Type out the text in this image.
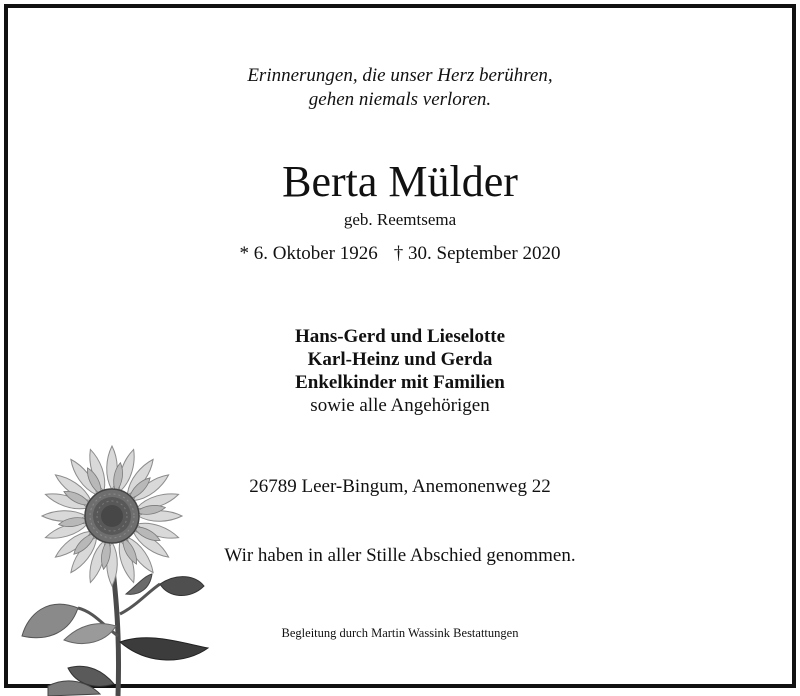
Erinnerungen, die unser Herz berühren,
gehen niemals verloren.
Berta Mülder
geb. Reemtsema
* 6. Oktober 1926 † 30. September 2020
Hans-Gerd und Lieselotte
Karl-Heinz und Gerda
Enkelkinder mit Familien
sowie alle Angehörigen
26789 Leer-Bingum, Anemonenweg 22
Wir haben in aller Stille Abschied genommen.
Begleitung durch Martin Wassink Bestattungen
